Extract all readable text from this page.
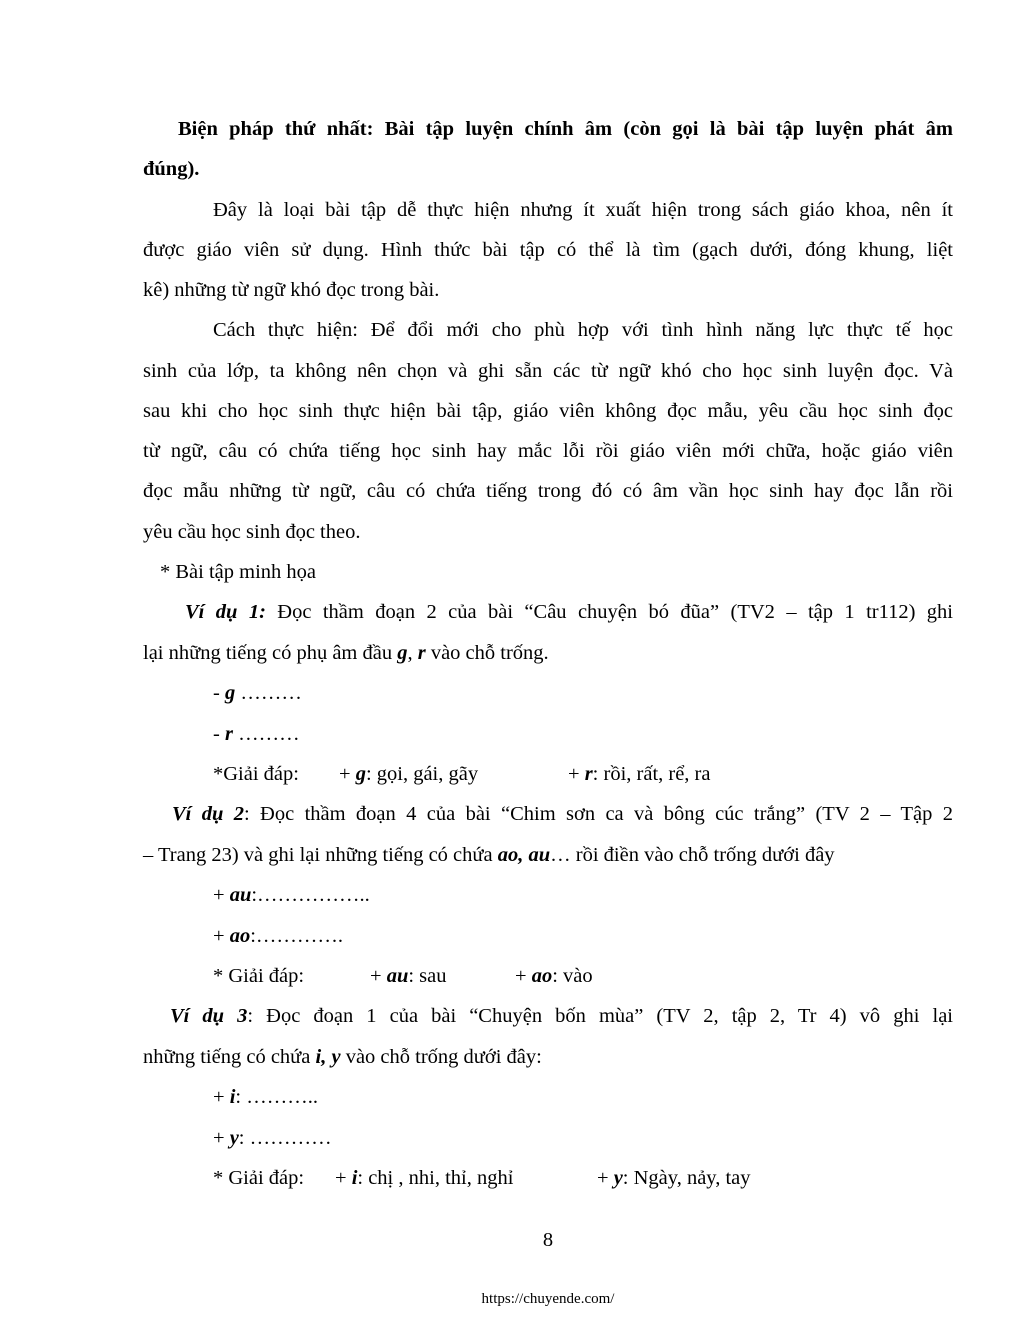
Biện pháp thứ nhất: Bài tập luyện chính âm (còn gọi là bài tập luyện phát âm
đúng).
Đây là loại bài tập dễ thực hiện nhưng ít xuất hiện trong sách giáo khoa, nên ít
được giáo viên sử dụng. Hình thức bài tập có thể là tìm (gạch dưới, đóng khung, liệt
kê) những từ ngữ khó đọc trong bài.
Cách thực hiện: Để đổi mới cho phù hợp với tình hình năng lực thực tế học
sinh của lớp, ta không nên chọn và ghi sẵn các từ ngữ khó cho học sinh luyện đọc. Và
sau khi cho học sinh thực hiện bài tập, giáo viên không đọc mẫu, yêu cầu học sinh đọc
từ ngữ, câu có chứa tiếng học sinh hay mắc lỗi rồi giáo viên mới chữa, hoặc giáo viên
đọc mẫu những từ ngữ, câu có chứa tiếng trong đó có âm vần học sinh hay đọc lẫn rồi
yêu cầu học sinh đọc theo.
* Bài tập minh họa
Ví dụ 1: Đọc thầm đoạn 2 của bài “Câu chuyện bó đũa” (TV2 – tập 1 tr112) ghi
lại những tiếng có phụ âm đầu g, r vào chỗ trống.
- g ………
- r ………
*Giải đáp: + g: gọi, gái, gãy	+ r: rồi, rất, rể, ra
Ví dụ 2: Đọc thầm đoạn 4 của bài “Chim sơn ca và bông cúc trắng” (TV 2 – Tập 2
– Trang 23) và ghi lại những tiếng có chứa ao, au… rồi điền vào chỗ trống dưới đây
+ au:……………..
+ ao:………….
* Giải đáp:	+ au: sau	+ ao: vào
Ví dụ 3: Đọc đoạn 1 của bài “Chuyện bốn mùa” (TV 2, tập 2, Tr 4) vô ghi lại
những tiếng có chứa i, y vào chỗ trống dưới đây:
+ i: ………..
+ y: …………
* Giải đáp: + i: chị , nhi, thỉ, nghỉ	+ y: Ngày, nảy, tay
8
https://chuyende.com/
